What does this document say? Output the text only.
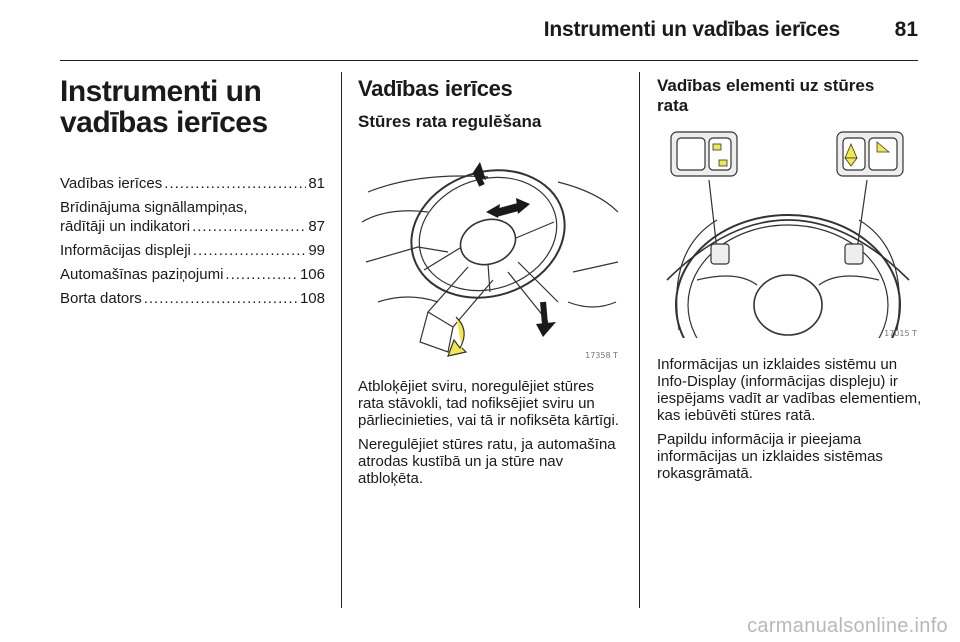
Instrumenti un vadības ierīces	81
Instrumenti un
vadības ierīces
Vadības ierīces .....	81
Brīdinājuma signāllampiņas,
rādītāji un indikatori .....	87
Informācijas displeji .....	99
Automašīnas paziņojumi .....	106
Borta dators .....	108
Vadības ierīces
Stūres rata regulēšana
17358 T

Atbloķējiet sviru, noregulējiet stūres rata stāvokli, tad nofiksējiet sviru un pārliecinieties, vai tā ir nofiksēta kārtīgi.

Neregulējiet stūres ratu, ja automašīna atrodas kustībā un ja stūre nav atbloķēta.

Vadības elementi uz stūres
rata
17015 T

Informācijas un izklaides sistēmu un Info-Display (informācijas displeju) ir iespējams vadīt ar vadības elementiem, kas iebūvēti stūres ratā.

Papildu informācija ir pieejama informācijas un izklaides sistēmas rokasgrāmatā.

carmanualsonline.info
